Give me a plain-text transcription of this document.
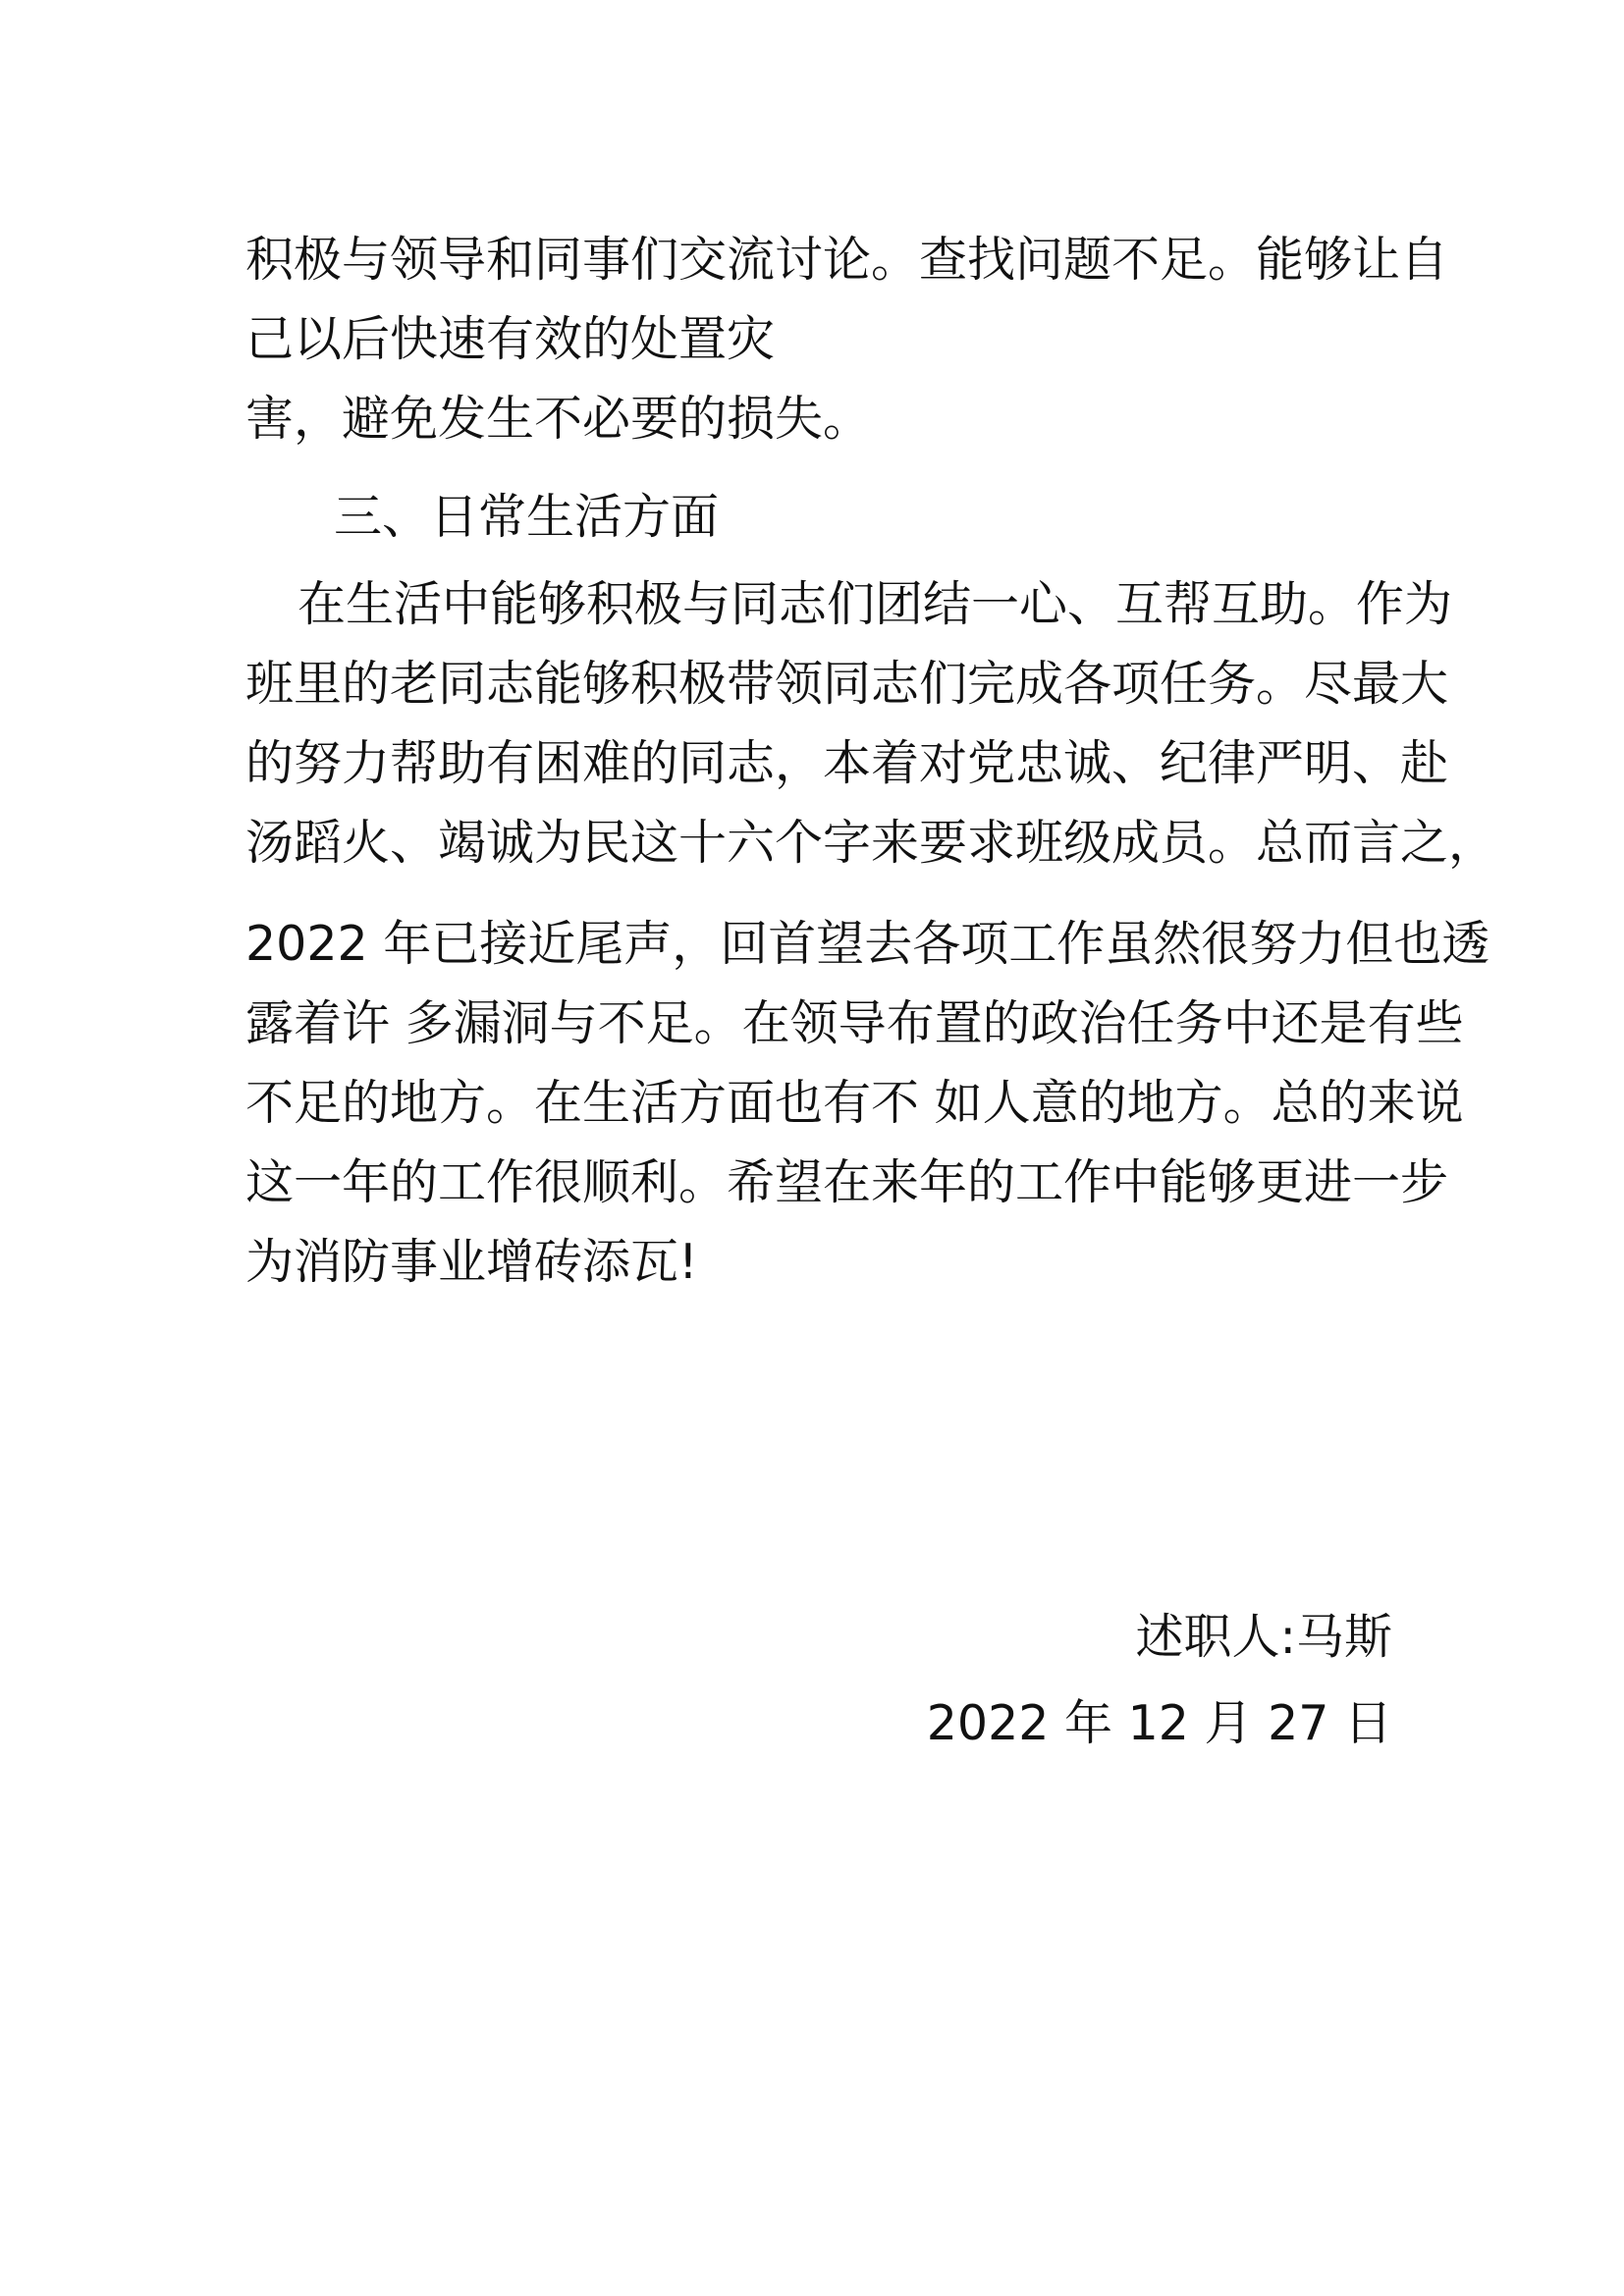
积极与领导和同事们交流讨论。查找问题不足。能够让自
己以后快速有效的处置灾
害，避免发生不必要的损失。
三、日常生活方面
在生活中能够积极与同志们团结一心、互帮互助。作为
班里的老同志能够积极带领同志们完成各项任务。尽最大
的努力帮助有困难的同志，本着对党忠诚、纪律严明、赴
汤蹈火、竭诚为民这十六个字来要求班级成员。总而言之，
2022 年已接近尾声，回首望去各项工作虽然很努力但也透
露着许 多漏洞与不足。在领导布置的政治任务中还是有些
不足的地方。在生活方面也有不 如人意的地方。总的来说
这一年的工作很顺利。希望在来年的工作中能够更进一步
为消防事业增砖添瓦!
述职人:马斯
2022 年 12 月 27 日
